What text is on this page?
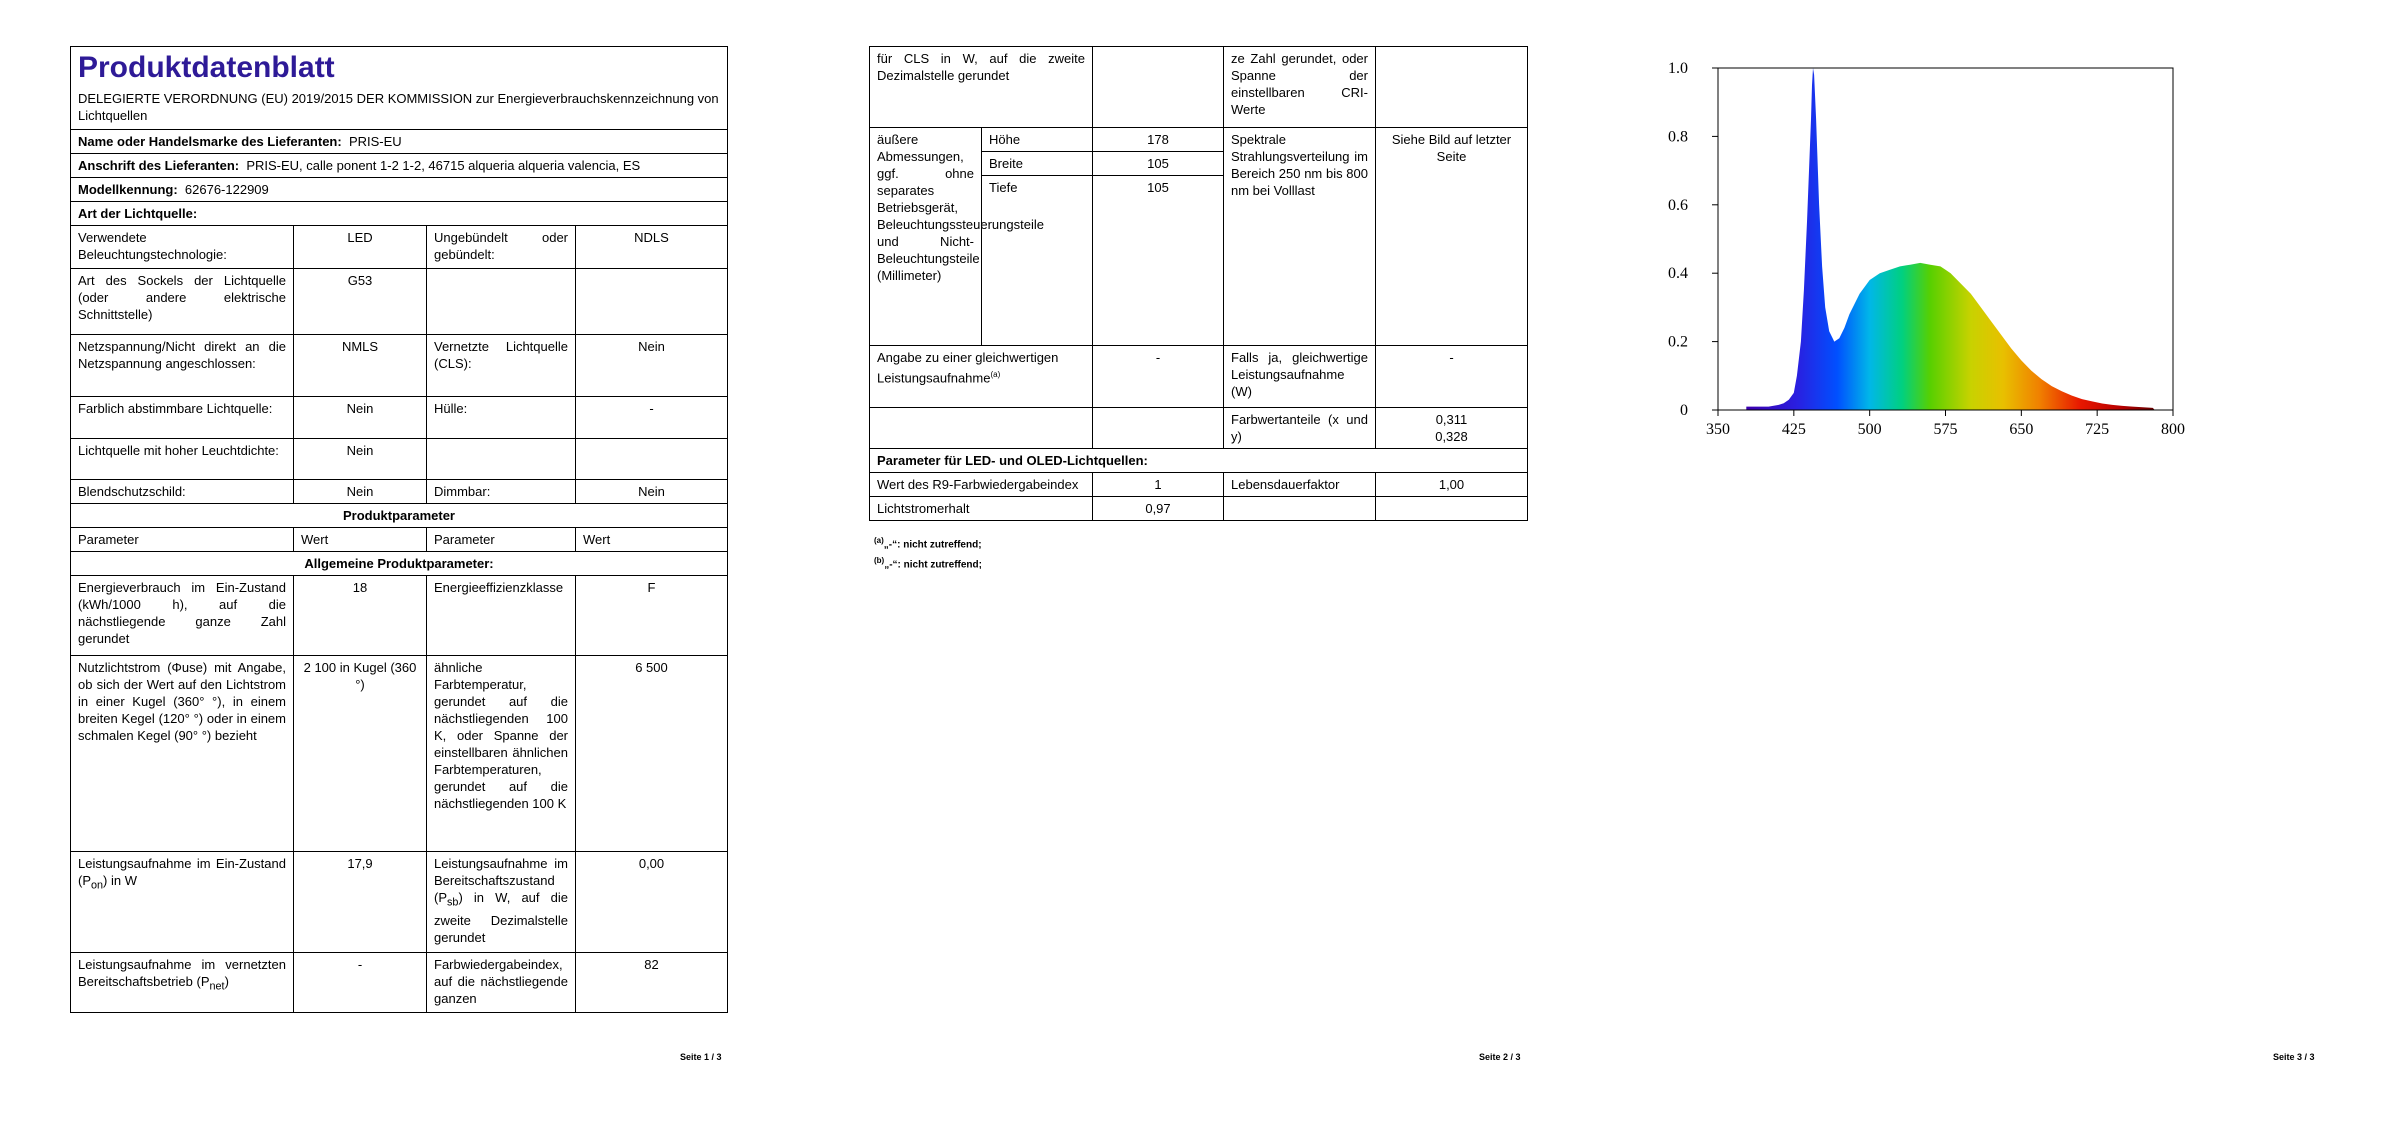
Produktdatenblatt
DELEGIERTE VERORDNUNG (EU) 2019/2015 DER KOMMISSION zur Energieverbrauchskennzeichnung von Lichtquellen			

Name oder Handelsmarke des Lieferanten: PRIS-EU			
Anschrift des Lieferanten: PRIS-EU, calle ponent 1-2 1-2, 46715 alqueria alqueria valencia, ES			
Modellkennung: 62676-122909			
Art der Lichtquelle:			
Verwendete Beleuchtungstechnologie:	LED	Ungebündelt oder gebündelt:	NDLS
Art des Sockels der Lichtquelle (oder andere elektrische Schnittstelle)	G53		
Netzspannung/Nicht direkt an die Netzspannung angeschlossen:	NMLS	Vernetzte Lichtquelle (CLS):	Nein
Farblich abstimmbare Lichtquelle:	Nein	Hülle:	-
Lichtquelle mit hoher Leuchtdichte:	Nein		
Blendschutzschild:	Nein	Dimmbar:	Nein
Produktparameter			
Parameter	Wert	Parameter	Wert
Allgemeine Produktparameter:			
Energieverbrauch im Ein-Zustand (kWh/1000 h), auf die nächstliegende ganze Zahl gerundet	18	Energieeffizienzklasse	F
Nutzlichtstrom (Φuse) mit Angabe, ob sich der Wert auf den Lichtstrom in einer Kugel (360° °), in einem breiten Kegel (120° °) oder in einem schmalen Kegel (90° °) bezieht	2 100 in Kugel (360 °)	ähnliche Farbtemperatur, gerundet auf die nächstliegenden 100 K, oder Spanne der einstellbaren ähnlichen Farbtemperaturen, gerundet auf die nächstliegenden 100 K	6 500
Leistungsaufnahme im Ein-Zustand $(P_{on})$ in W	17,9	Leistungsaufnahme im Bereitschaftszustand $(P_{sb})$ in W, auf die zweite Dezimalstelle gerundet	0,00
Leistungsaufnahme im vernetzten Bereitschaftsbetrieb $(P_{net})$	-	Farbwiedergabeindex, auf die nächstliegende ganzen	82
Seite 1 / 3
für CLS in W, auf die zweite Dezimalstelle gerundet			ze Zahl gerundet, oder Spanne der einstellbaren CRI-Werte	
äußere Abmessungen, ggf. ohne separates Betriebsgerät, Beleuchtungssteuerungsteile und Nicht-Beleuchtungsteile (Millimeter)	Höhe	178	Spektrale Strahlungsverteilung im Bereich 250 nm bis 800 nm bei Volllast	Siehe Bild auf letzter Seite
	Breite	105		
	Tiefe	105		
Angabe zu einer gleichwertigen Leistungsaufnahme$^{(a)}$		-	Falls ja, gleichwertige Leistungsaufnahme (W)	-
			Farbwertanteile (x und y)	0,311
0,328
Parameter für LED- und OLED-Lichtquellen:				
Wert des R9-Farbwiedergabeindex		1	Lebensdauerfaktor	1,00
Lichtstromerhalt		0,97		
$^{(a)}$„-“: nicht zutreffend;
$^{(b)}$„-“: nicht zutreffend;
Seite 2 / 3
0
0.2
0.4
0.6
0.8
1.0
350	425	500	575	650	725	800
Seite 3 / 3
